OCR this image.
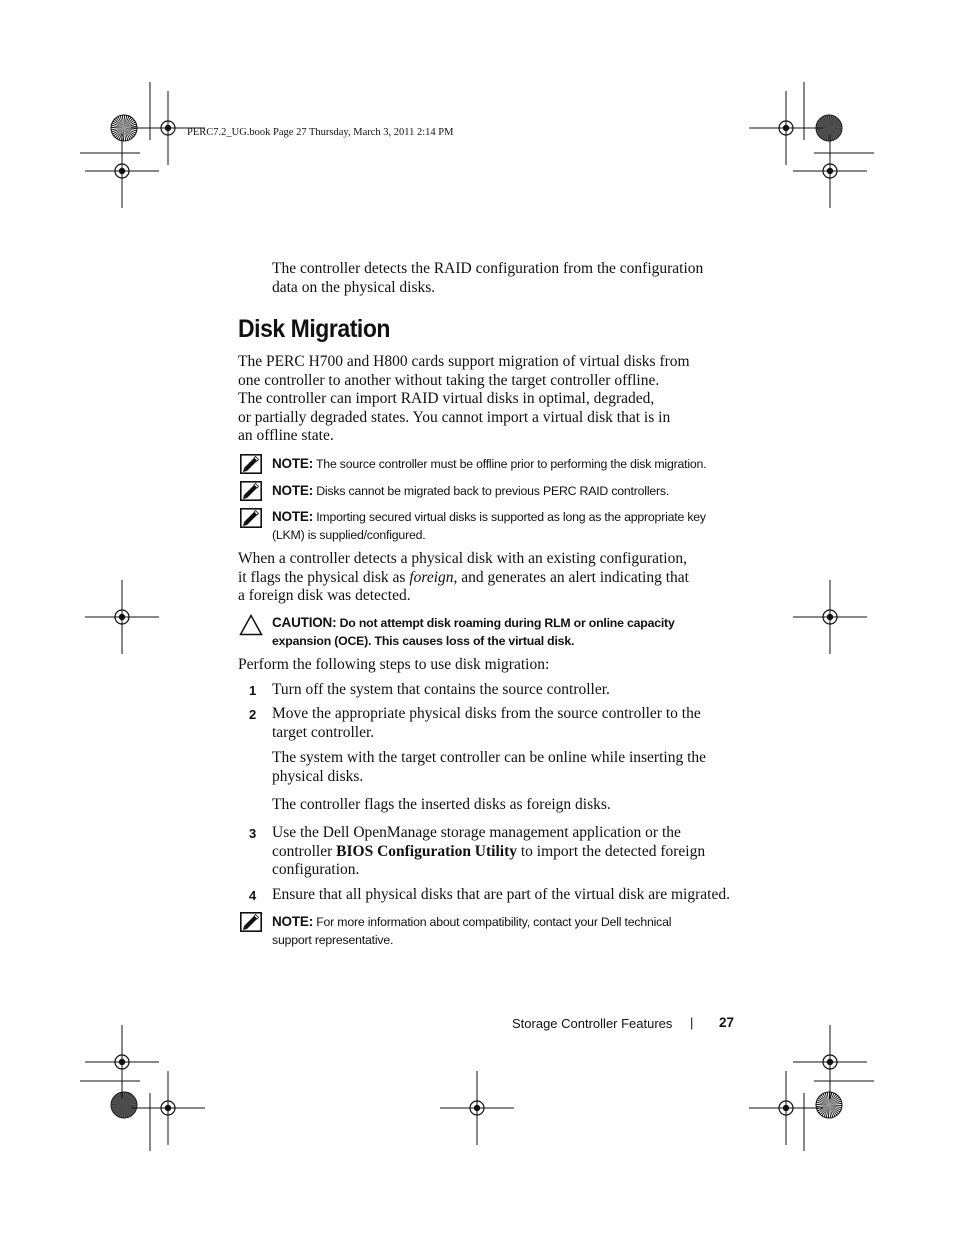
PERC7.2_UG.book Page 27 Thursday, March 3, 2011 2:14 PM
The controller detects the RAID configuration from the configuration
data on the physical disks.
Disk Migration
The PERC H700 and H800 cards support migration of virtual disks from
one controller to another without taking the target controller offline.
The controller can import RAID virtual disks in optimal, degraded,
or partially degraded states. You cannot import a virtual disk that is in
an offline state.
NOTE: The source controller must be offline prior to performing the disk migration.
NOTE: Disks cannot be migrated back to previous PERC RAID controllers.
NOTE: Importing secured virtual disks is supported as long as the appropriate key
(LKM) is supplied/configured.
When a controller detects a physical disk with an existing configuration,
it flags the physical disk as foreign, and generates an alert indicating that
a foreign disk was detected.
CAUTION: Do not attempt disk roaming during RLM or online capacity
expansion (OCE). This causes loss of the virtual disk.
Perform the following steps to use disk migration:
1 Turn off the system that contains the source controller.
2 Move the appropriate physical disks from the source controller to the
target controller.
The system with the target controller can be online while inserting the
physical disks.
The controller flags the inserted disks as foreign disks.
3 Use the Dell OpenManage storage management application or the
controller BIOS Configuration Utility to import the detected foreign
configuration.
4 Ensure that all physical disks that are part of the virtual disk are migrated.
NOTE: For more information about compatibility, contact your Dell technical
support representative.
Storage Controller Features | 27
